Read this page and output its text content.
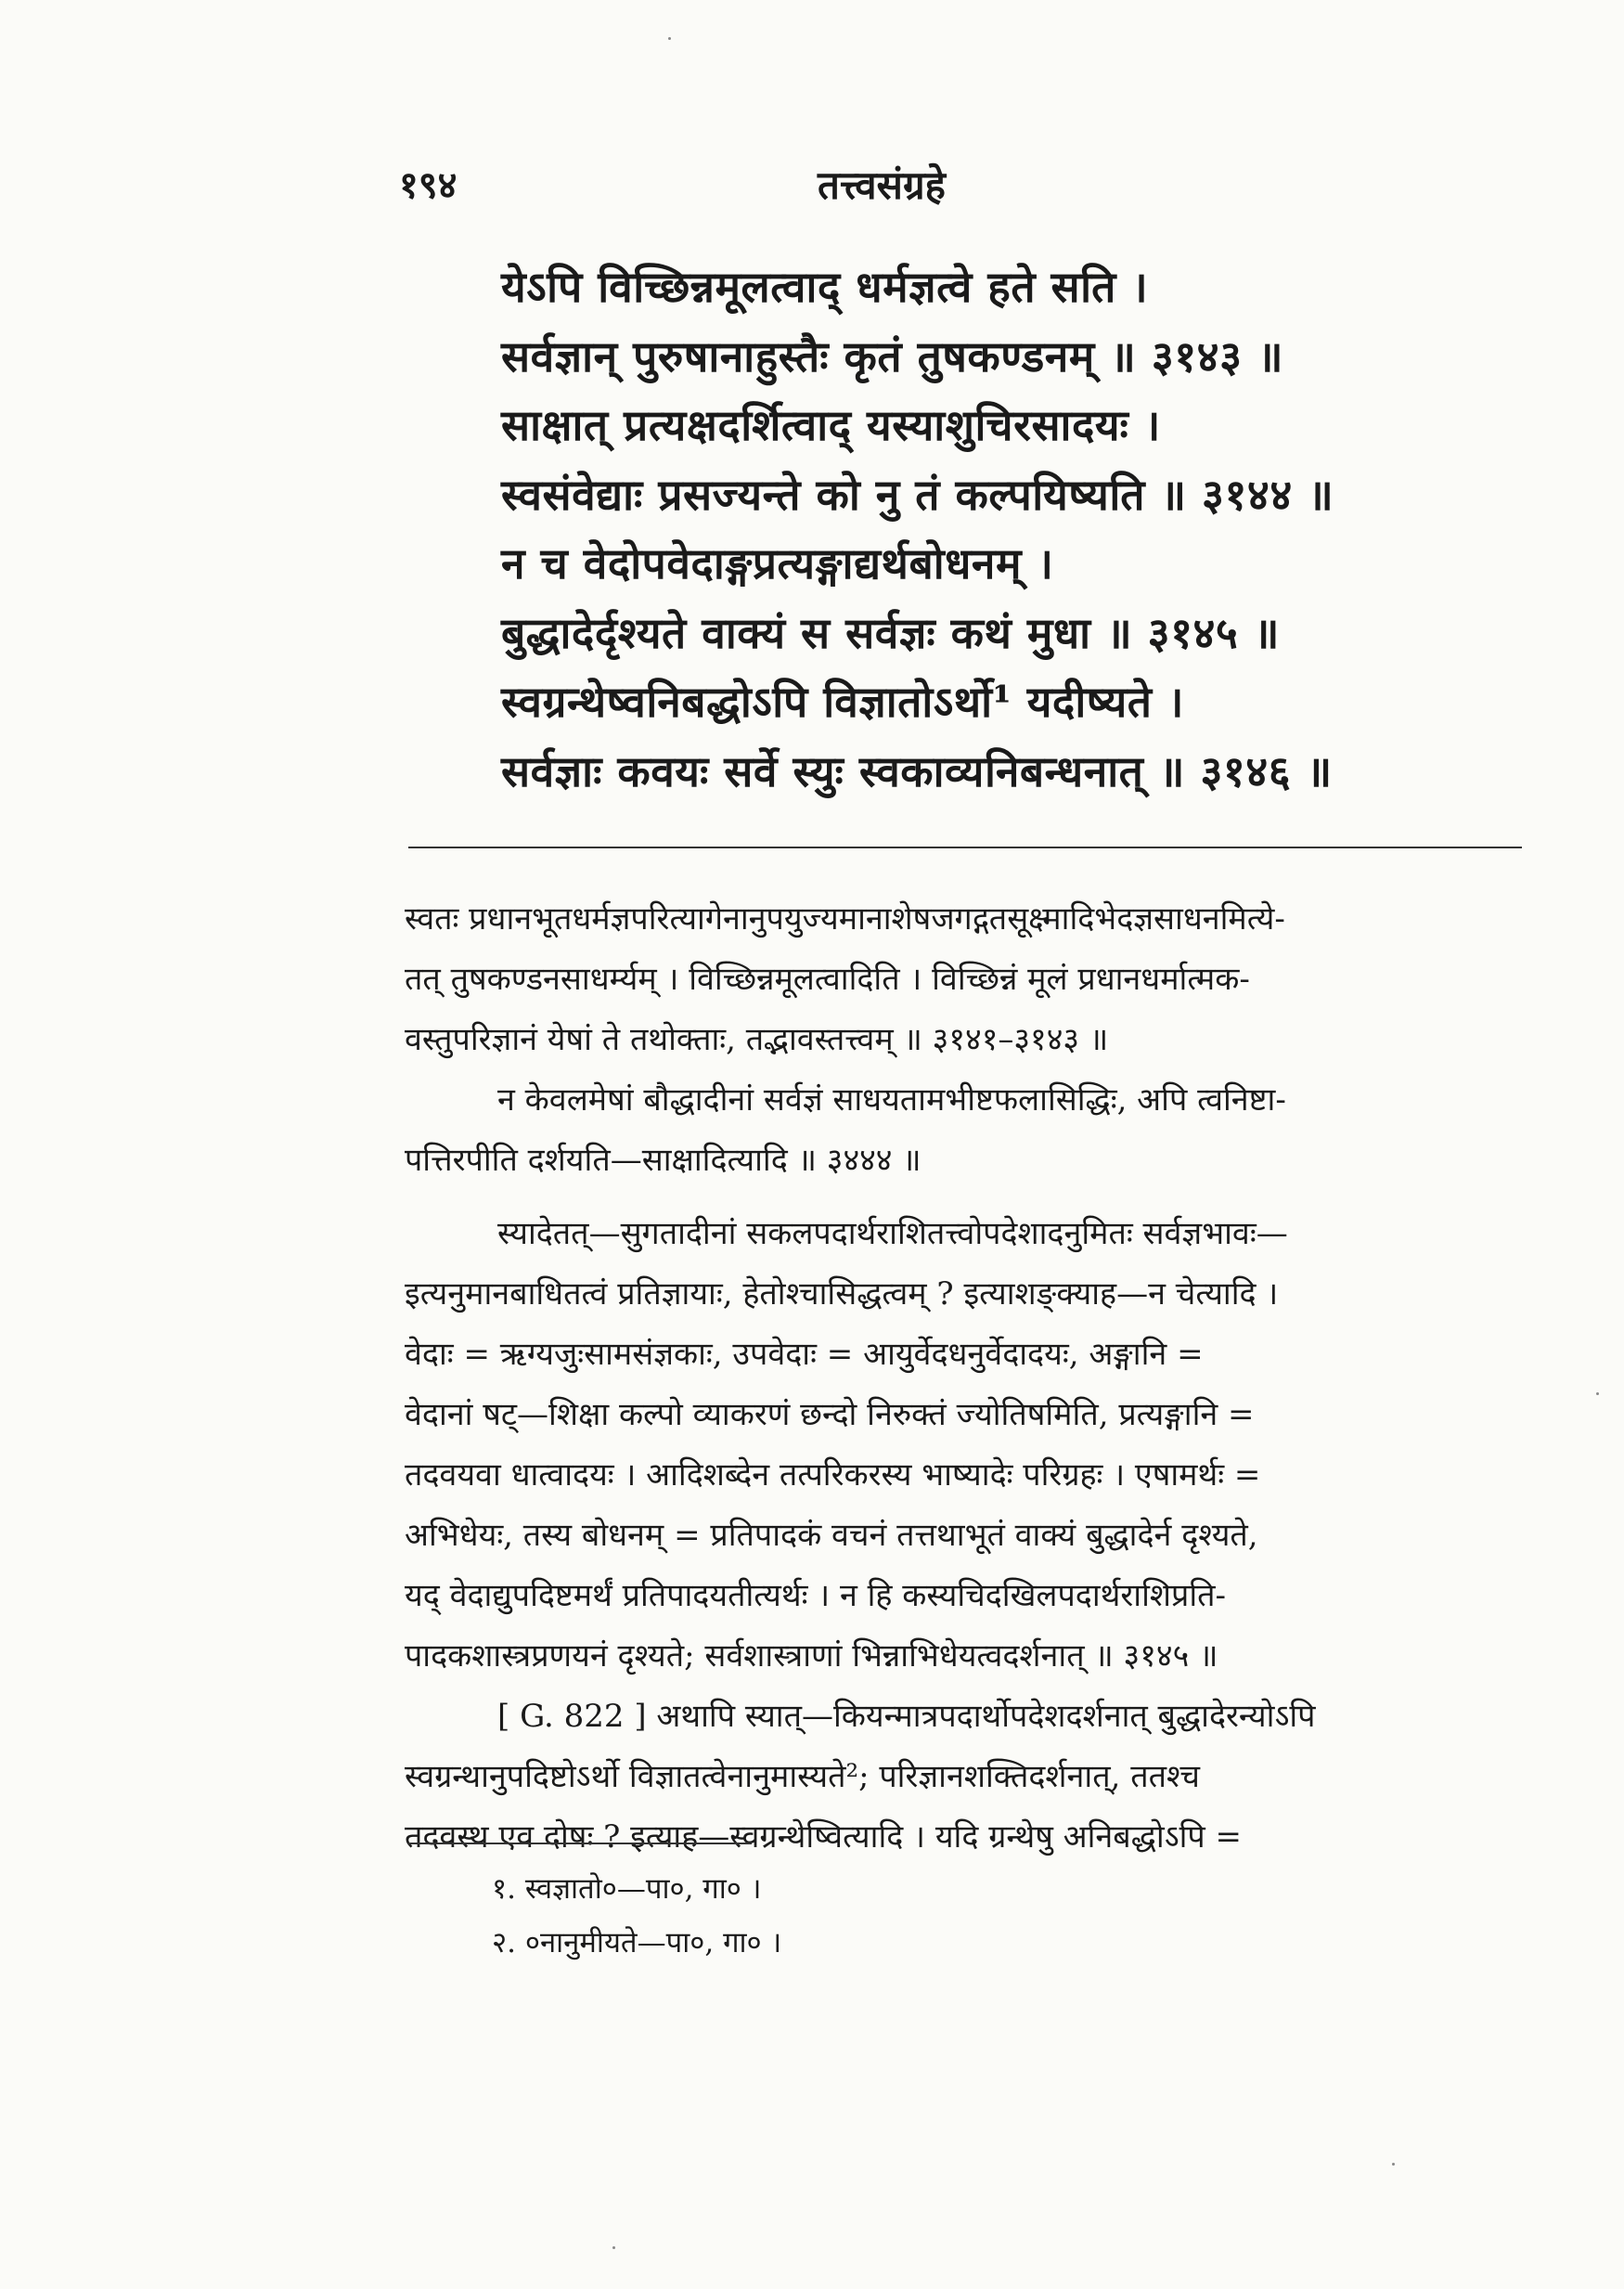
१९४	तत्त्वसंग्रहे
येऽपि विच्छिन्नमूलत्वाद् धर्मज्ञत्वे हते सति ।
सर्वज्ञान् पुरुषानाहुस्तैः कृतं तुषकण्डनम् ॥ ३१४३ ॥
साक्षात् प्रत्यक्षदर्शित्वाद् यस्याशुचिरसादयः ।
स्वसंवेद्याः प्रसज्यन्ते को नु तं कल्पयिष्यति ॥ ३१४४ ॥
न च वेदोपवेदाङ्गप्रत्यङ्गाद्यर्थबोधनम् ।
बुद्धादेर्दृश्यते वाक्यं स सर्वज्ञः कथं मुधा ॥ ३१४५ ॥
स्वग्रन्थेष्वनिबद्धोऽपि विज्ञातोऽर्थो¹ यदीष्यते ।
सर्वज्ञाः कवयः सर्वे स्युः स्वकाव्यनिबन्धनात् ॥ ३१४६ ॥
स्वतः प्रधानभूतधर्मज्ञपरित्यागेनानुपयुज्यमानाशेषजगद्गतसूक्ष्मादिभेदज्ञसाधनमित्ये-
तत् तुषकण्डनसाधर्म्यम् । विच्छिन्नमूलत्वादिति । विच्छिन्नं मूलं प्रधानधर्मात्मक-
वस्तुपरिज्ञानं येषां ते तथोक्ताः, तद्भावस्तत्त्वम् ॥ ३१४१–३१४३ ॥
न केवलमेषां बौद्धादीनां सर्वज्ञं साधयतामभीष्टफलासिद्धिः, अपि त्वनिष्टा-
पत्तिरपीति दर्शयति—साक्षादित्यादि ॥ ३४४४ ॥
स्यादेतत्—सुगतादीनां सकलपदार्थराशितत्त्वोपदेशादनुमितः सर्वज्ञभावः—
इत्यनुमानबाधितत्वं प्रतिज्ञायाः, हेतोश्चासिद्धत्वम् ? इत्याशङ्क्याह—न चेत्यादि ।
वेदाः = ऋग्यजुःसामसंज्ञकाः, उपवेदाः = आयुर्वेदधनुर्वेदादयः, अङ्गानि =
वेदानां षट्—शिक्षा कल्पो व्याकरणं छन्दो निरुक्तं ज्योतिषमिति, प्रत्यङ्गानि =
तदवयवा धात्वादयः । आदिशब्देन तत्परिकरस्य भाष्यादेः परिग्रहः । एषामर्थः =
अभिधेयः, तस्य बोधनम् = प्रतिपादकं वचनं तत्तथाभूतं वाक्यं बुद्धादेर्न दृश्यते,
यद् वेदाद्युपदिष्टमर्थं प्रतिपादयतीत्यर्थः । न हि कस्यचिदखिलपदार्थराशिप्रति-
पादकशास्त्रप्रणयनं दृश्यते; सर्वशास्त्राणां भिन्नाभिधेयत्वदर्शनात् ॥ ३१४५ ॥
[ G. 822 ] अथापि स्यात्—कियन्मात्रपदार्थोपदेशदर्शनात् बुद्धादेरन्योऽपि
स्वग्रन्थानुपदिष्टोऽर्थो विज्ञातत्वेनानुमास्यते²; परिज्ञानशक्तिदर्शनात्, ततश्च
तदवस्थ एव दोषः ? इत्याह—स्वग्रन्थेष्वित्यादि । यदि ग्रन्थेषु अनिबद्धोऽपि =
१. स्वज्ञातो०—पा०, गा० ।
२. ०नानुमीयते—पा०, गा० ।
